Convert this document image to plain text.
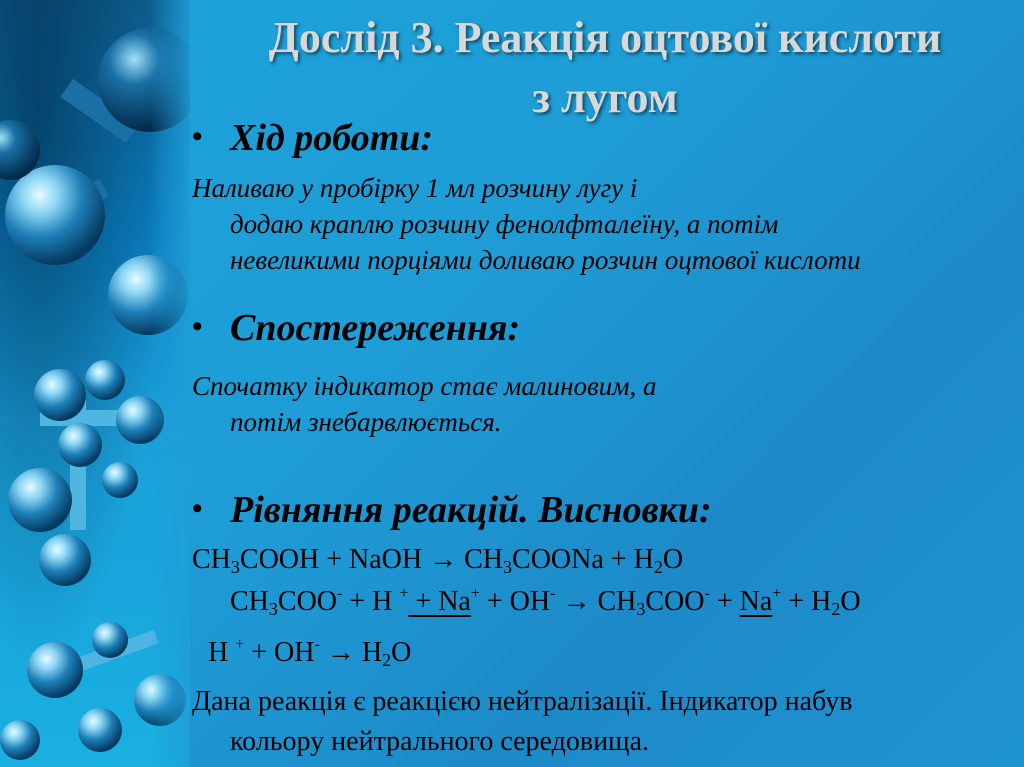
Дослід 3. Реакція оцтової кислоти
з лугом
• Хід роботи:
Наливаю у пробірку 1 мл розчину лугу і
додаю краплю розчину фенолфталеїну, а потім
невеликими порціями доливаю розчин оцтової кислоти
• Спостереження:
Спочатку індикатор стає малиновим, а
потім знебарвлюється.
• Рівняння реакцій. Висновки:
$CH_3COOH$ + NaOH → $CH_3COONa + H_2O$
$CH_3COO^- + H$ $^+ + Na^+ + OH^- \to CH_3COO^- + Na^+ + H_2O$
H $^+ + OH^- \to H_2O$
Дана реакція є реакцією нейтралізації. Індикатор набув
кольору нейтрального середовища.
